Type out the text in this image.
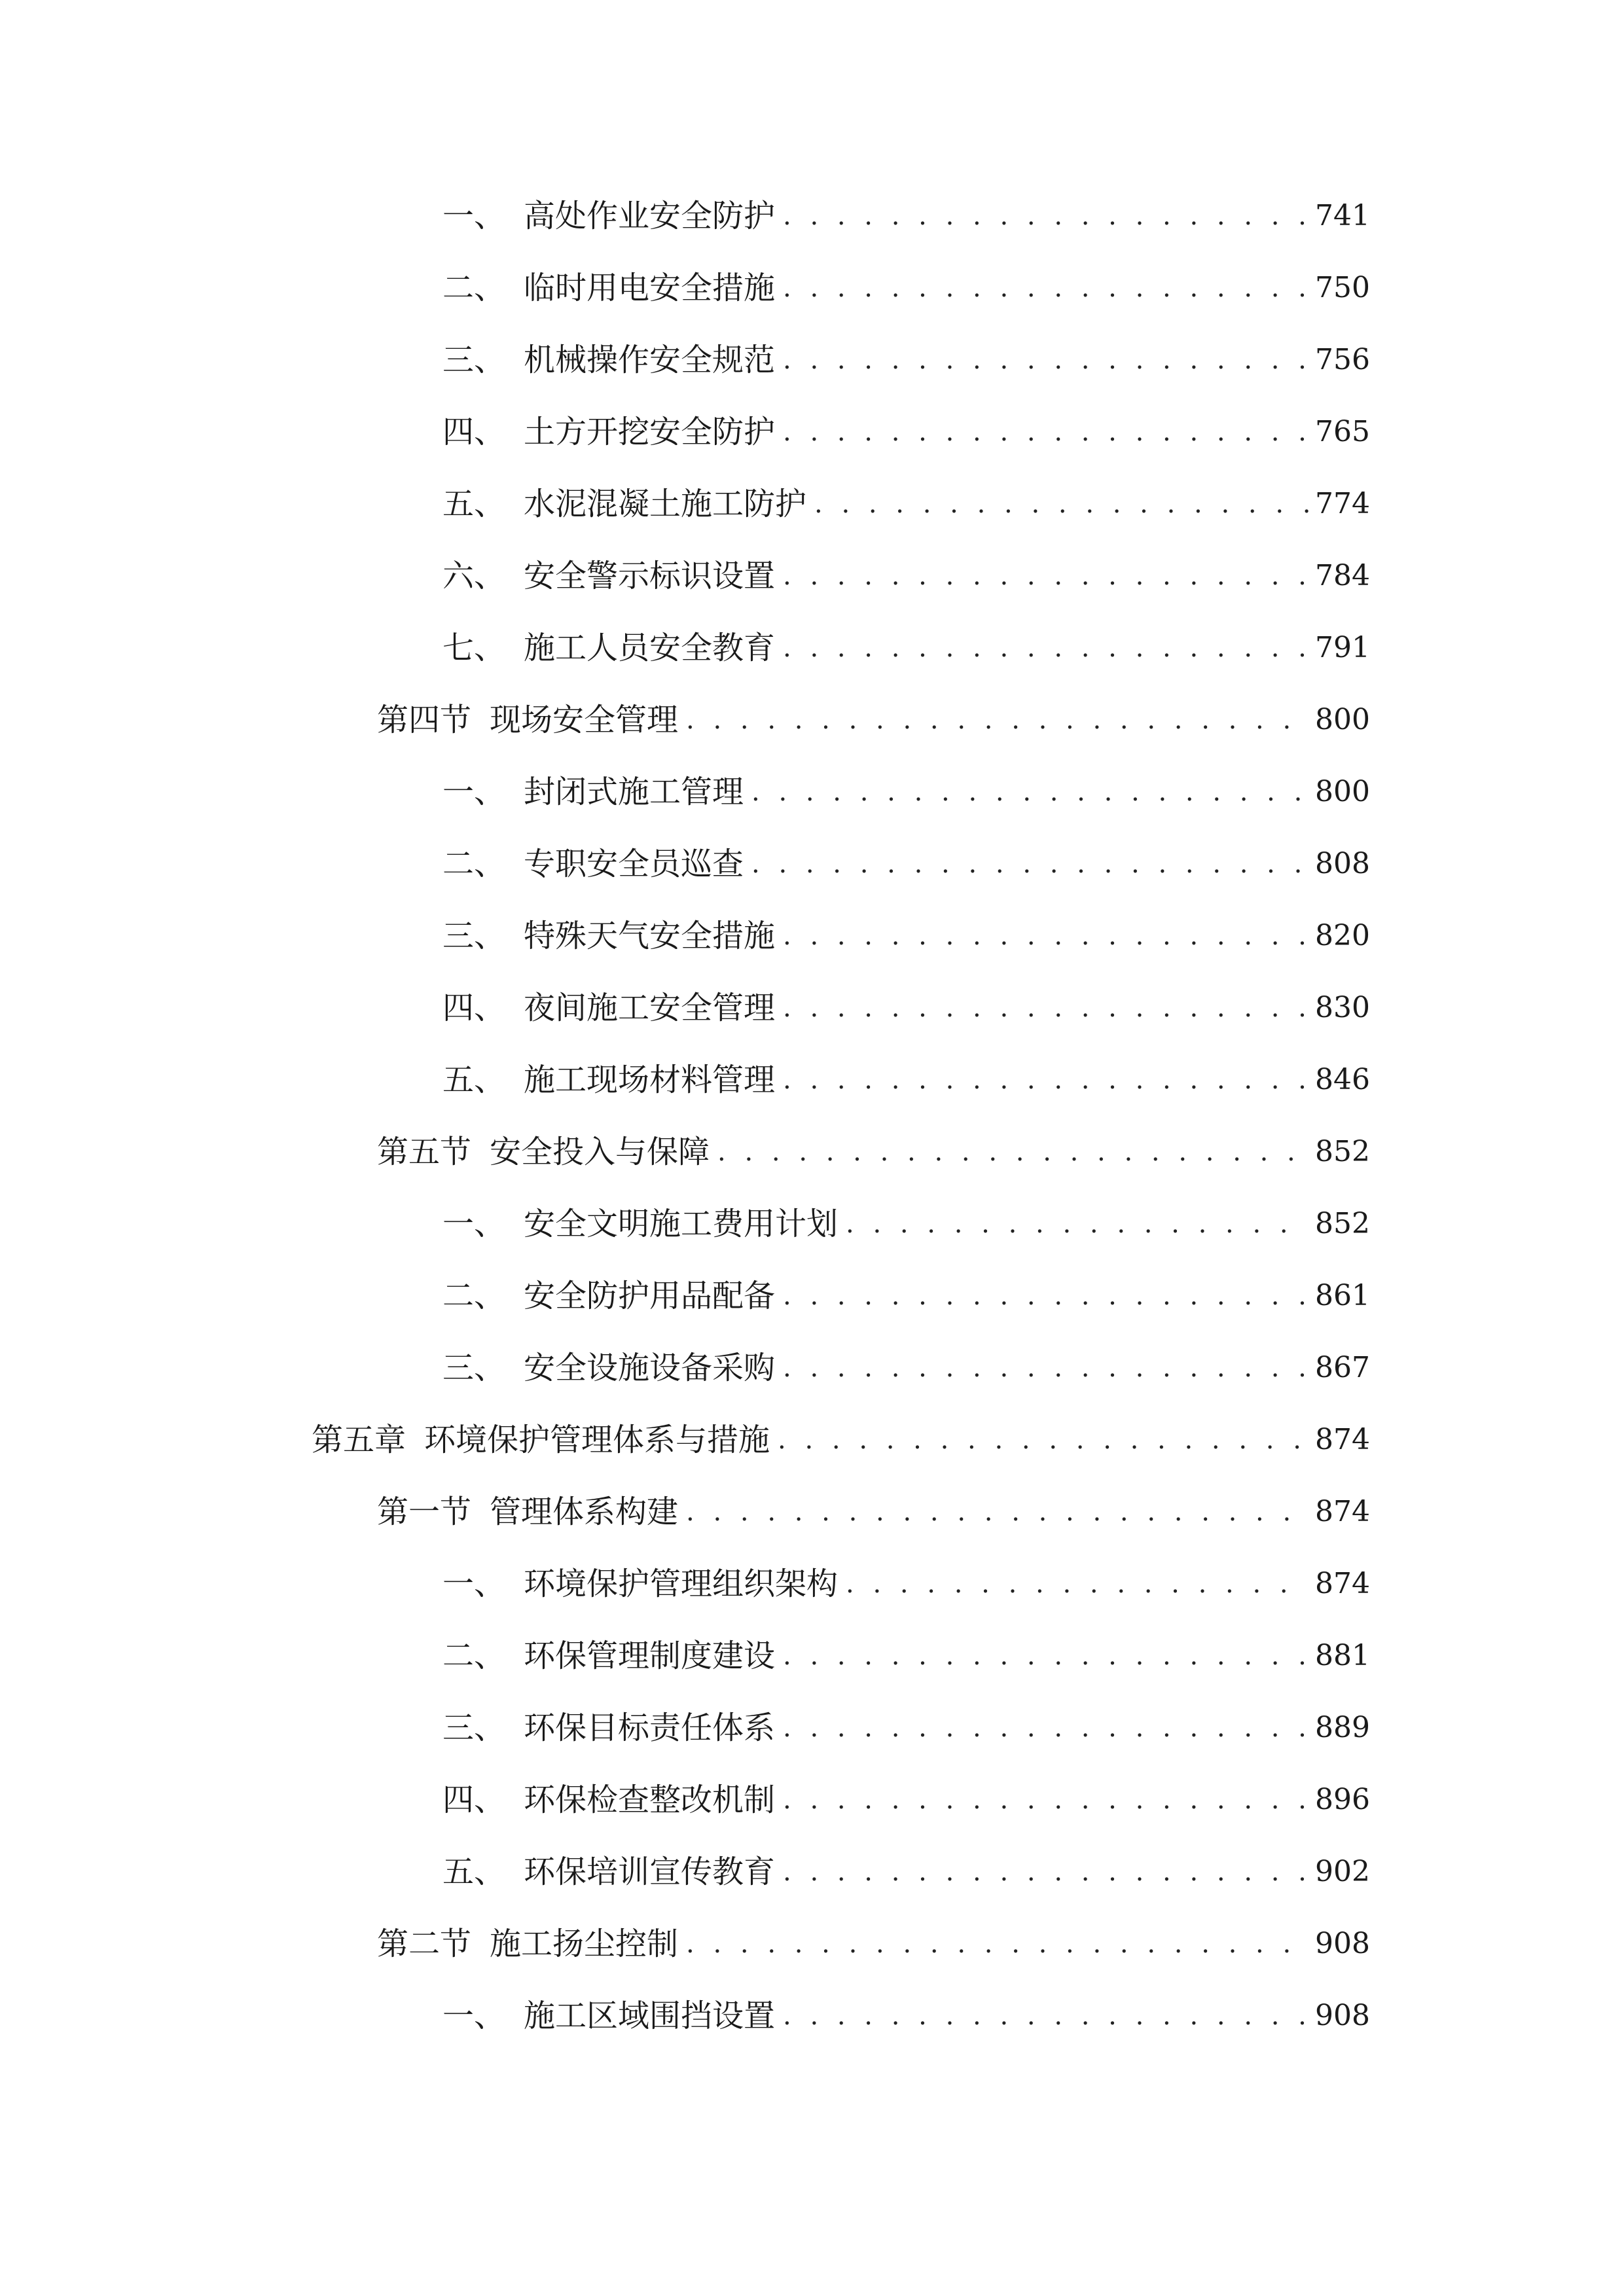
一、 高处作业安全防护 . . .	741
二、 临时用电安全措施 . . .	750
三、 机械操作安全规范 . . .	756
四、 土方开挖安全防护 . . .	765
五、 水泥混凝土施工防护 . . .	774
六、 安全警示标识设置 . . .	784
七、 施工人员安全教育 . . .	791
第四节 现场安全管理 . . .	800
一、 封闭式施工管理 . . .	800
二、 专职安全员巡查 . . .	808
三、 特殊天气安全措施 . . .	820
四、 夜间施工安全管理 . . .	830
五、 施工现场材料管理 . . .	846
第五节 安全投入与保障 . . .	852
一、 安全文明施工费用计划 . . .	852
二、 安全防护用品配备 . . .	861
三、 安全设施设备采购 . . .	867
第五章 环境保护管理体系与措施 . . .	874
第一节 管理体系构建 . . .	874
一、 环境保护管理组织架构 . . .	874
二、 环保管理制度建设 . . .	881
三、 环保目标责任体系 . . .	889
四、 环保检查整改机制 . . .	896
五、 环保培训宣传教育 . . .	902
第二节 施工扬尘控制 . . .	908
一、 施工区域围挡设置 . . .	908
